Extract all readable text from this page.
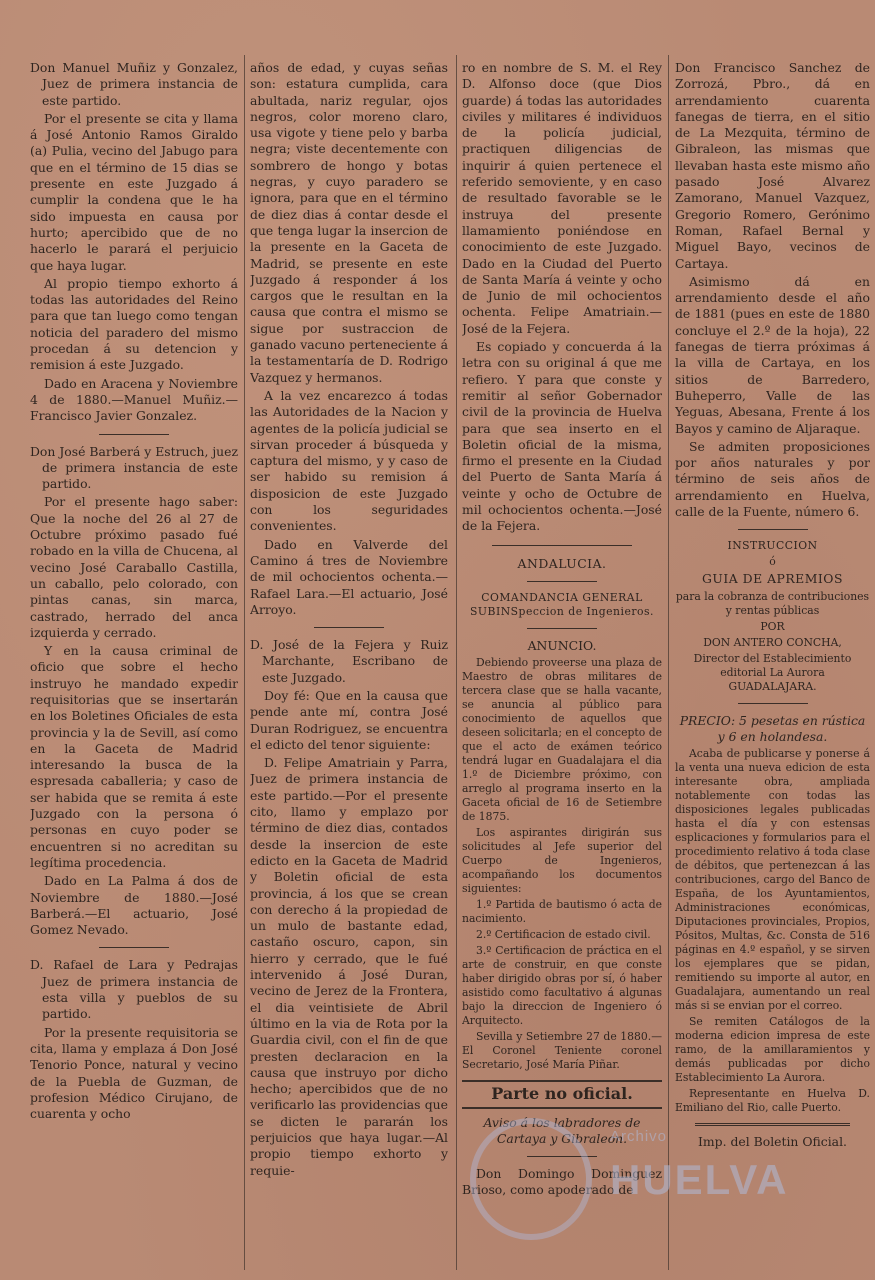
Don Manuel Muñiz y Gonzalez, Juez de primera instancia de este partido.

Por el presente se cita y llama á José Antonio Ramos Giraldo (a) Pulia, vecino del Jabugo para que en el término de 15 dias se presente en este Juzgado á cumplir la condena que le ha sido impuesta en causa por hurto; apercibido que de no hacerlo le parará el perjuicio que haya lugar.

Al propio tiempo exhorto á todas las autoridades del Reino para que tan luego como tengan noticia del paradero del mismo procedan á su detencion y remision á este Juzgado.

Dado en Aracena y Noviembre 4 de 1880.—Manuel Muñiz.—Francisco Javier Gonzalez.

Don José Barberá y Estruch, juez de primera instancia de este partido.

Por el presente hago saber: Que la noche del 26 al 27 de Octubre próximo pasado fué robado en la villa de Chucena, al vecino José Caraballo Castilla, un caballo, pelo colorado, con pintas canas, sin marca, castrado, herrado del anca izquierda y cerrado.

Y en la causa criminal de oficio que sobre el hecho instruyo he mandado expedir requisitorias que se insertarán en los Boletines Oficiales de esta provincia y la de Sevill, así como en la Gaceta de Madrid interesando la busca de la espresada caballeria; y caso de ser habida que se remita á este Juzgado con la persona ó personas en cuyo poder se encuentren si no acreditan su legítima procedencia.

Dado en La Palma á dos de Noviembre de 1880.—José Barberá.—El actuario, José Gomez Nevado.

D. Rafael de Lara y Pedrajas Juez de primera instancia de esta villa y pueblos de su partido.

Por la presente requisitoria se cita, llama y emplaza á Don José Tenorio Ponce, natural y vecino de la Puebla de Guzman, de profesion Médico Cirujano, de cuarenta y ocho

años de edad, y cuyas señas son: estatura cumplida, cara abultada, nariz regular, ojos negros, color moreno claro, usa vigote y tiene pelo y barba negra; viste decentemente con sombrero de hongo y botas negras, y cuyo paradero se ignora, para que en el término de diez dias á contar desde el que tenga lugar la insercion de la presente en la Gaceta de Madrid, se presente en este Juzgado á responder á los cargos que le resultan en la causa que contra el mismo se sigue por sustraccion de ganado vacuno perteneciente á la testamentaría de D. Rodrigo Vazquez y hermanos.

A la vez encarezco á todas las Autoridades de la Nacion y agentes de la policía judicial se sirvan proceder á búsqueda y captura del mismo, y y caso de ser habido su remision á disposicion de este Juzgado con los seguridades convenientes.

Dado en Valverde del Camino á tres de Noviembre de mil ochocientos ochenta.—Rafael Lara.—El actuario, José Arroyo.

D. José de la Fejera y Ruiz Marchante, Escribano de este Juzgado.

Doy fé: Que en la causa que pende ante mí, contra José Duran Rodriguez, se encuentra el edicto del tenor siguiente:

D. Felipe Amatriain y Parra, Juez de primera instancia de este partido.—Por el presente cito, llamo y emplazo por término de diez dias, contados desde la insercion de este edicto en la Gaceta de Madrid y Boletin oficial de esta provincia, á los que se crean con derecho á la propiedad de un mulo de bastante edad, castaño oscuro, capon, sin hierro y cerrado, que le fué intervenido á José Duran, vecino de Jerez de la Frontera, el dia veintisiete de Abril último en la via de Rota por la Guardia civil, con el fin de que presten declaracion en la causa que instruyo por dicho hecho; apercibidos que de no verificarlo las providencias que se dicten le pararán los perjuicios que haya lugar.—Al propio tiempo exhorto y requie-

ro en nombre de S. M. el Rey D. Alfonso doce (que Dios guarde) á todas las autoridades civiles y militares é individuos de la policía judicial, practiquen diligencias de inquirir á quien pertenece el referido semoviente, y en caso de resultado favorable se le instruya del presente llamamiento poniéndose en conocimiento de este Juzgado. Dado en la Ciudad del Puerto de Santa María á veinte y ocho de Junio de mil ochocientos ochenta. Felipe Amatriain.—José de la Fejera.

Es copiado y concuerda á la letra con su original á que me refiero. Y para que conste y remitir al señor Gobernador civil de la provincia de Huelva para que sea inserto en el Boletin oficial de la misma, firmo el presente en la Ciudad del Puerto de Santa María á veinte y ocho de Octubre de mil ochocientos ochenta.—José de la Fejera.

ANDALUCIA.

COMANDANCIA GENERAL SUBINSpeccion de Ingenieros.

ANUNCIO.

Debiendo proveerse una plaza de Maestro de obras militares de tercera clase que se halla vacante, se anuncia al público para conocimiento de aquellos que deseen solicitarla; en el concepto de que el acto de exámen teórico tendrá lugar en Guadalajara el dia 1.º de Diciembre próximo, con arreglo al programa inserto en la Gaceta oficial de 16 de Setiembre de 1875.

Los aspirantes dirigirán sus solicitudes al Jefe superior del Cuerpo de Ingenieros, acompañando los documentos siguientes:

1.º Partida de bautismo ó acta de nacimiento.

2.º Certificacion de estado civil.

3.º Certificacion de práctica en el arte de construir, en que conste haber dirigido obras por sí, ó haber asistido como facultativo á algunas bajo la direccion de Ingeniero ó Arquitecto.

Sevilla y Setiembre 27 de 1880.—El Coronel Teniente coronel Secretario, José María Piñar.

Parte no oficial.

Aviso á los labradores de Cartaya y Gibraleon.

Don Domingo Dominguez Brioso, como apoderado de

Don Francisco Sanchez de Zorrozá, Pbro., dá en arrendamiento cuarenta fanegas de tierra, en el sitio de La Mezquita, término de Gibraleon, las mismas que llevaban hasta este mismo año pasado José Alvarez Zamorano, Manuel Vazquez, Gregorio Romero, Gerónimo Roman, Rafael Bernal y Miguel Bayo, vecinos de Cartaya.

Asimismo dá en arrendamiento desde el año de 1881 (pues en este de 1880 concluye el 2.º de la hoja), 22 fanegas de tierra próximas á la villa de Cartaya, en los sitios de Barredero, Buheperro, Valle de las Yeguas, Abesana, Frente á los Bayos y camino de Aljaraque.

Se admiten proposiciones por años naturales y por término de seis años de arrendamiento en Huelva, calle de la Fuente, número 6.

INSTRUCCION

ó

GUIA DE APREMIOS

para la cobranza de contribuciones y rentas públicas

POR

DON ANTERO CONCHA,

Director del Establecimiento editorial La Aurora GUADALAJARA.

PRECIO: 5 pesetas en rústica y 6 en holandesa.

Acaba de publicarse y ponerse á la venta una nueva edicion de esta interesante obra, ampliada notablemente con todas las disposiciones legales publicadas hasta el día y con estensas esplicaciones y formularios para el procedimiento relativo á toda clase de débitos, que pertenezcan á las contribuciones, cargo del Banco de España, de los Ayuntamientos, Administraciones económicas, Diputaciones provinciales, Propios, Pósitos, Multas, &c. Consta de 516 páginas en 4.º español, y se sirven los ejemplares que se pidan, remitiendo su importe al autor, en Guadalajara, aumentando un real más si se envian por el correo.

Se remiten Catálogos de la moderna edicion impresa de este ramo, de la amillaramientos y demás publicadas por dicho Establecimiento La Aurora.

Representante en Huelva D. Emiliano del Rio, calle Puerto.

Imp. del Boletin Oficial.

Archivo
HUELVA
